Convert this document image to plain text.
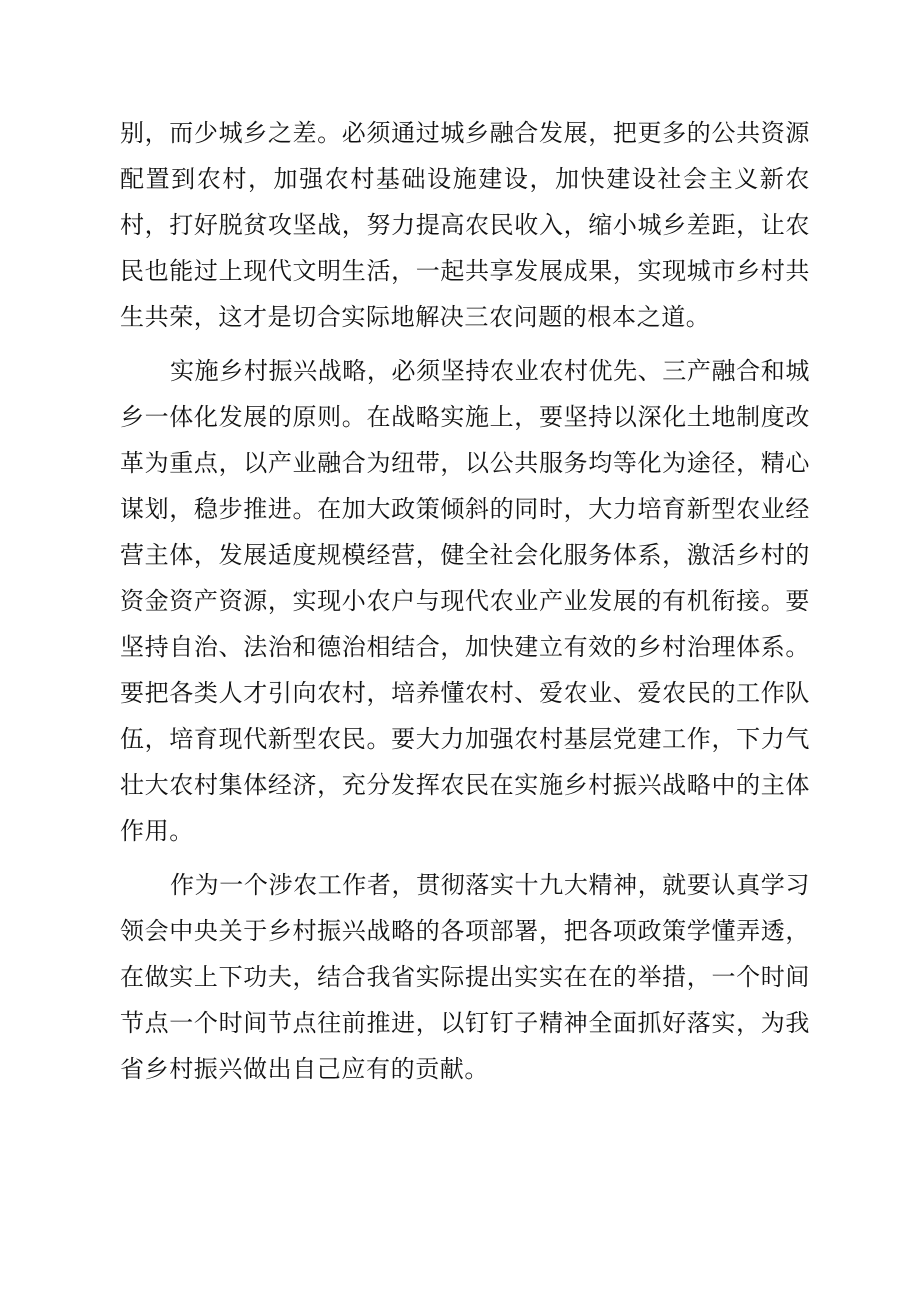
别，而少城乡之差。必须通过城乡融合发展，把更多的公共资源配置到农村，加强农村基础设施建设，加快建设社会主义新农村，打好脱贫攻坚战，努力提高农民收入，缩小城乡差距，让农民也能过上现代文明生活，一起共享发展成果，实现城市乡村共生共荣，这才是切合实际地解决三农问题的根本之道。

实施乡村振兴战略，必须坚持农业农村优先、三产融合和城乡一体化发展的原则。在战略实施上，要坚持以深化土地制度改革为重点，以产业融合为纽带，以公共服务均等化为途径，精心谋划，稳步推进。在加大政策倾斜的同时，大力培育新型农业经营主体，发展适度规模经营，健全社会化服务体系，激活乡村的资金资产资源，实现小农户与现代农业产业发展的有机衔接。要坚持自治、法治和德治相结合，加快建立有效的乡村治理体系。要把各类人才引向农村，培养懂农村、爱农业、爱农民的工作队伍，培育现代新型农民。要大力加强农村基层党建工作，下力气壮大农村集体经济，充分发挥农民在实施乡村振兴战略中的主体作用。

作为一个涉农工作者，贯彻落实十九大精神，就要认真学习领会中央关于乡村振兴战略的各项部署，把各项政策学懂弄透，在做实上下功夫，结合我省实际提出实实在在的举措，一个时间节点一个时间节点往前推进，以钉钉子精神全面抓好落实，为我省乡村振兴做出自己应有的贡献。
